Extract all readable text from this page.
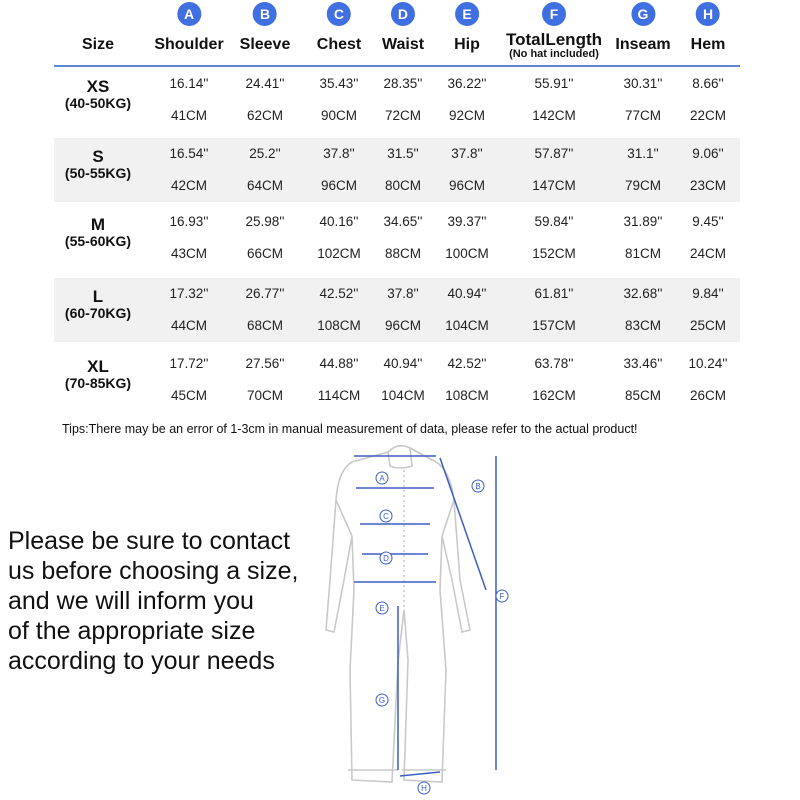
Size
A
Shoulder
B
Sleeve
C
Chest
D
Waist
E
Hip
F
TotalLength
(No hat included)
G
Inseam
H
Hem
XS
(40-50KG)
16.14''
41CM
24.41''
62CM
35.43''
90CM
28.35''
72CM
36.22''
92CM
55.91''
142CM
30.31''
77CM
8.66''
22CM
S
(50-55KG)
16.54''
42CM
25.2''
64CM
37.8''
96CM
31.5''
80CM
37.8''
96CM
57.87''
147CM
31.1''
79CM
9.06''
23CM
M
(55-60KG)
16.93''
43CM
25.98''
66CM
40.16''
102CM
34.65''
88CM
39.37''
100CM
59.84''
152CM
31.89''
81CM
9.45''
24CM
L
(60-70KG)
17.32''
44CM
26.77''
68CM
42.52''
108CM
37.8''
96CM
40.94''
104CM
61.81''
157CM
32.68''
83CM
9.84''
25CM
XL
(70-85KG)
17.72''
45CM
27.56''
70CM
44.88''
114CM
40.94''
104CM
42.52''
108CM
63.78''
162CM
33.46''
85CM
10.24''
26CM
Tips:There may be an error of 1-3cm in manual measurement of data, please refer to the actual product!
Please be sure to contact
us before choosing a size,
and we will inform you
of the appropriate size
according to your needs
A
B
C
D
E
F
G
H
